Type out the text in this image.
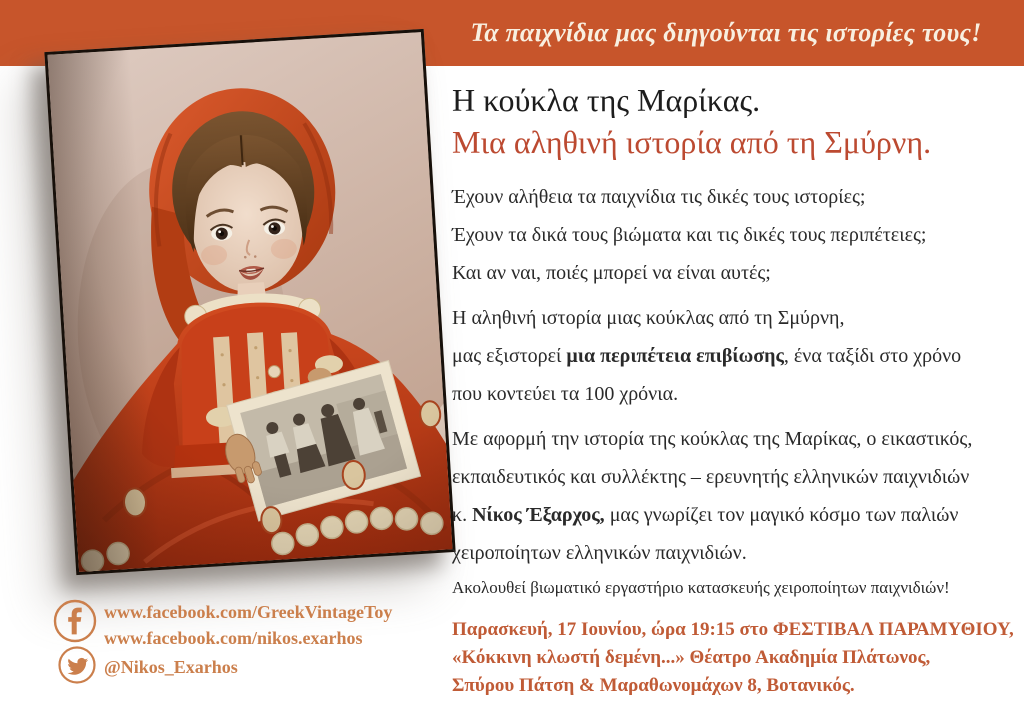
Τα παιχνίδια μας διηγούνται τις ιστορίες τους!
Η κούκλα της Μαρίκας.
Μια αληθινή ιστορία από τη Σμύρνη.
Έχουν αλήθεια τα παιχνίδια τις δικές τους ιστορίες;
Έχουν τα δικά τους βιώματα και τις δικές τους περιπέτειες;
Και αν ναι, ποιές μπορεί να είναι αυτές;
Η αληθινή ιστορία μιας κούκλας από τη Σμύρνη,
μας εξιστορεί μια περιπέτεια επιβίωσης, ένα ταξίδι στο χρόνο
που κοντεύει τα 100 χρόνια.
Με αφορμή την ιστορία της κούκλας της Μαρίκας, ο εικαστικός,
εκπαιδευτικός και συλλέκτης – ερευνητής ελληνικών παιχνιδιών
κ. Νίκος Έξαρχος, μας γνωρίζει τον μαγικό κόσμο των παλιών
χειροποίητων ελληνικών παιχνιδιών.
Ακολουθεί βιωματικό εργαστήριο κατασκευής χειροποίητων παιχνιδιών!
Παρασκευή, 17 Ιουνίου, ώρα 19:15 στο ΦΕΣΤΙΒΑΛ ΠΑΡΑΜΥΘΙΟΥ,
«Κόκκινη κλωστή δεμένη...» Θέατρο Ακαδημία Πλάτωνος,
Σπύρου Πάτση & Μαραθωνομάχων 8, Βοτανικός.
www.facebook.com/GreekVintageToy
www.facebook.com/nikos.exarhos
@Nikos_Exarhos
